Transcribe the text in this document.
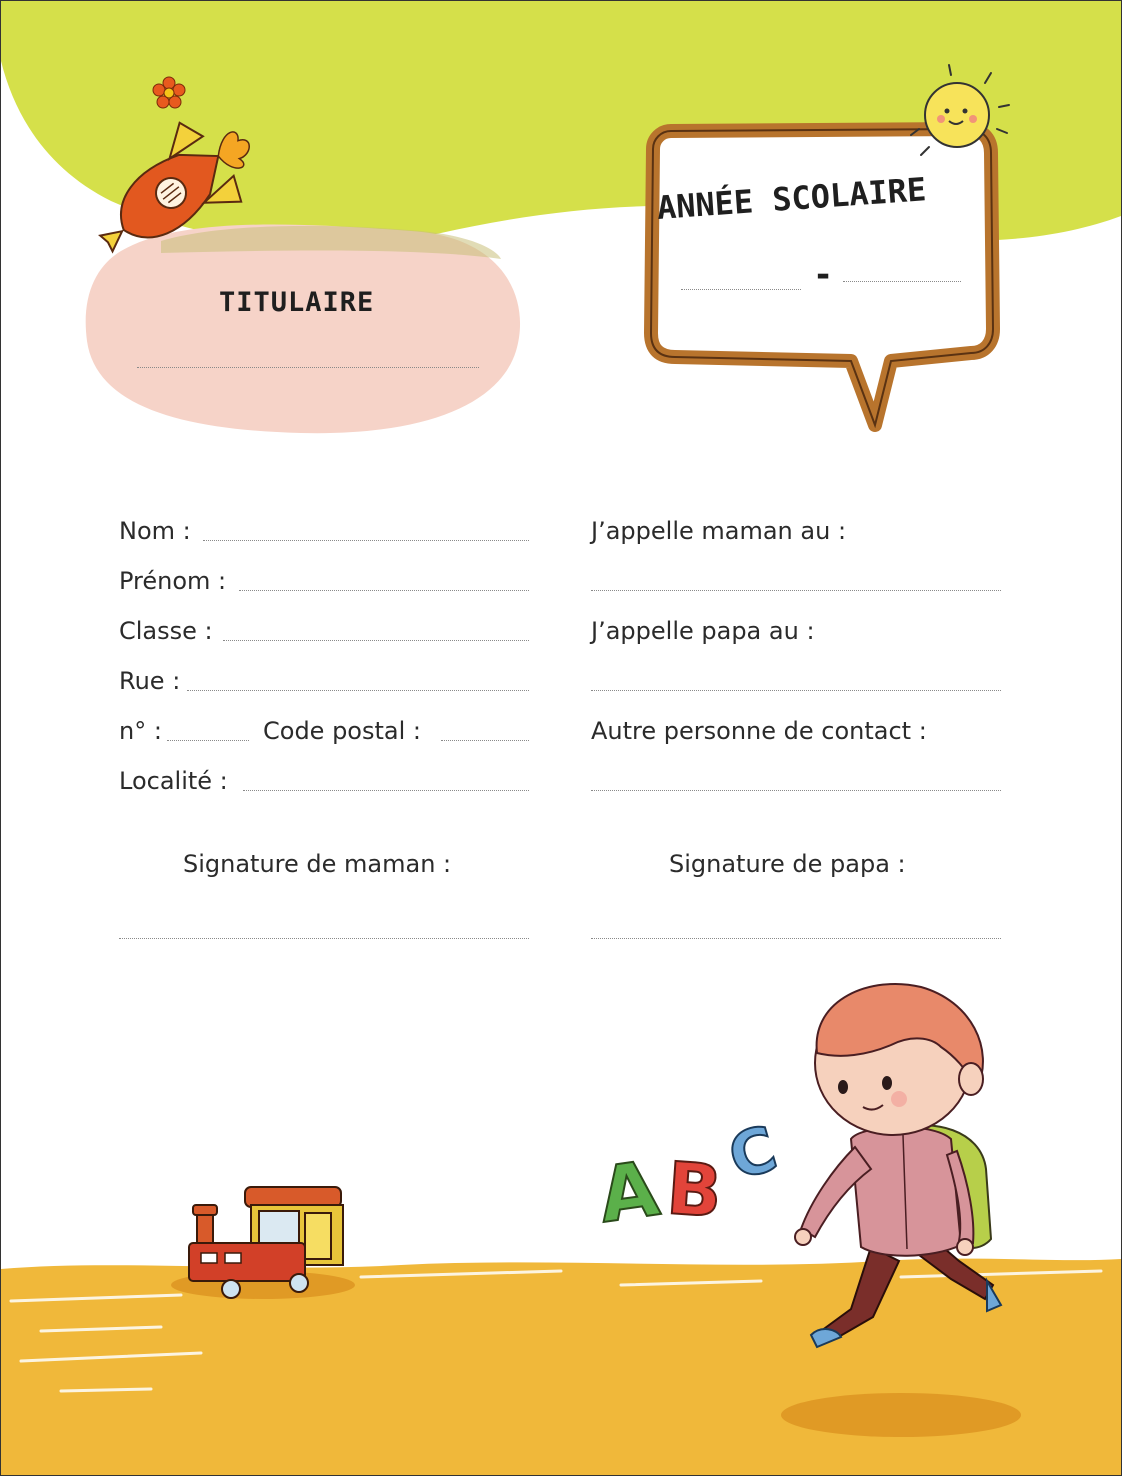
TITULAIRE
ANNÉE SCOLAIRE
-
Nom :
Prénom :
Classe :
Rue :
n° :	Code postal :
Localité :
J’appelle maman au :
J’appelle papa au :
Autre personne de contact :
Signature de maman :	Signature de papa :
A B
C
